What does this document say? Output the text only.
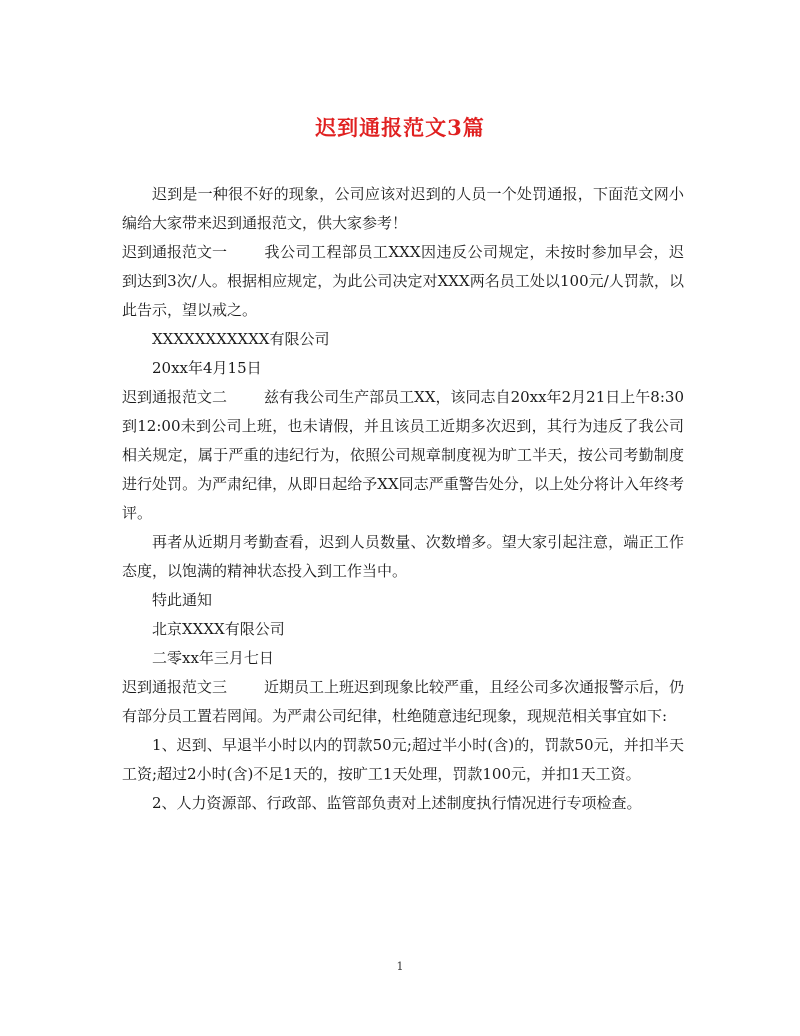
迟到通报范文3篇

迟到是一种很不好的现象，公司应该对迟到的人员一个处罚通报，下面范文网小编给大家带来迟到通报范文，供大家参考！

迟到通报范文一 我公司工程部员工XXX因违反公司规定，未按时参加早会，迟到达到3次/人。根据相应规定，为此公司决定对XXX两名员工处以100元/人罚款，以此告示，望以戒之。

XXXXXXXXXXX有限公司

20xx年4月15日

迟到通报范文二 兹有我公司生产部员工XX，该同志自20xx年2月21日上午8:30到12:00未到公司上班，也未请假，并且该员工近期多次迟到，其行为违反了我公司相关规定，属于严重的违纪行为，依照公司规章制度视为旷工半天，按公司考勤制度进行处罚。为严肃纪律，从即日起给予XX同志严重警告处分，以上处分将计入年终考评。

再者从近期月考勤查看，迟到人员数量、次数增多。望大家引起注意，端正工作态度，以饱满的精神状态投入到工作当中。

特此通知

北京XXXX有限公司

二零xx年三月七日

迟到通报范文三 近期员工上班迟到现象比较严重，且经公司多次通报警示后，仍有部分员工置若罔闻。为严肃公司纪律，杜绝随意违纪现象，现规范相关事宜如下:

1、迟到、早退半小时以内的罚款50元;超过半小时(含)的，罚款50元，并扣半天工资;超过2小时(含)不足1天的，按旷工1天处理，罚款100元，并扣1天工资。

2、人力资源部、行政部、监管部负责对上述制度执行情况进行专项检查。

1
